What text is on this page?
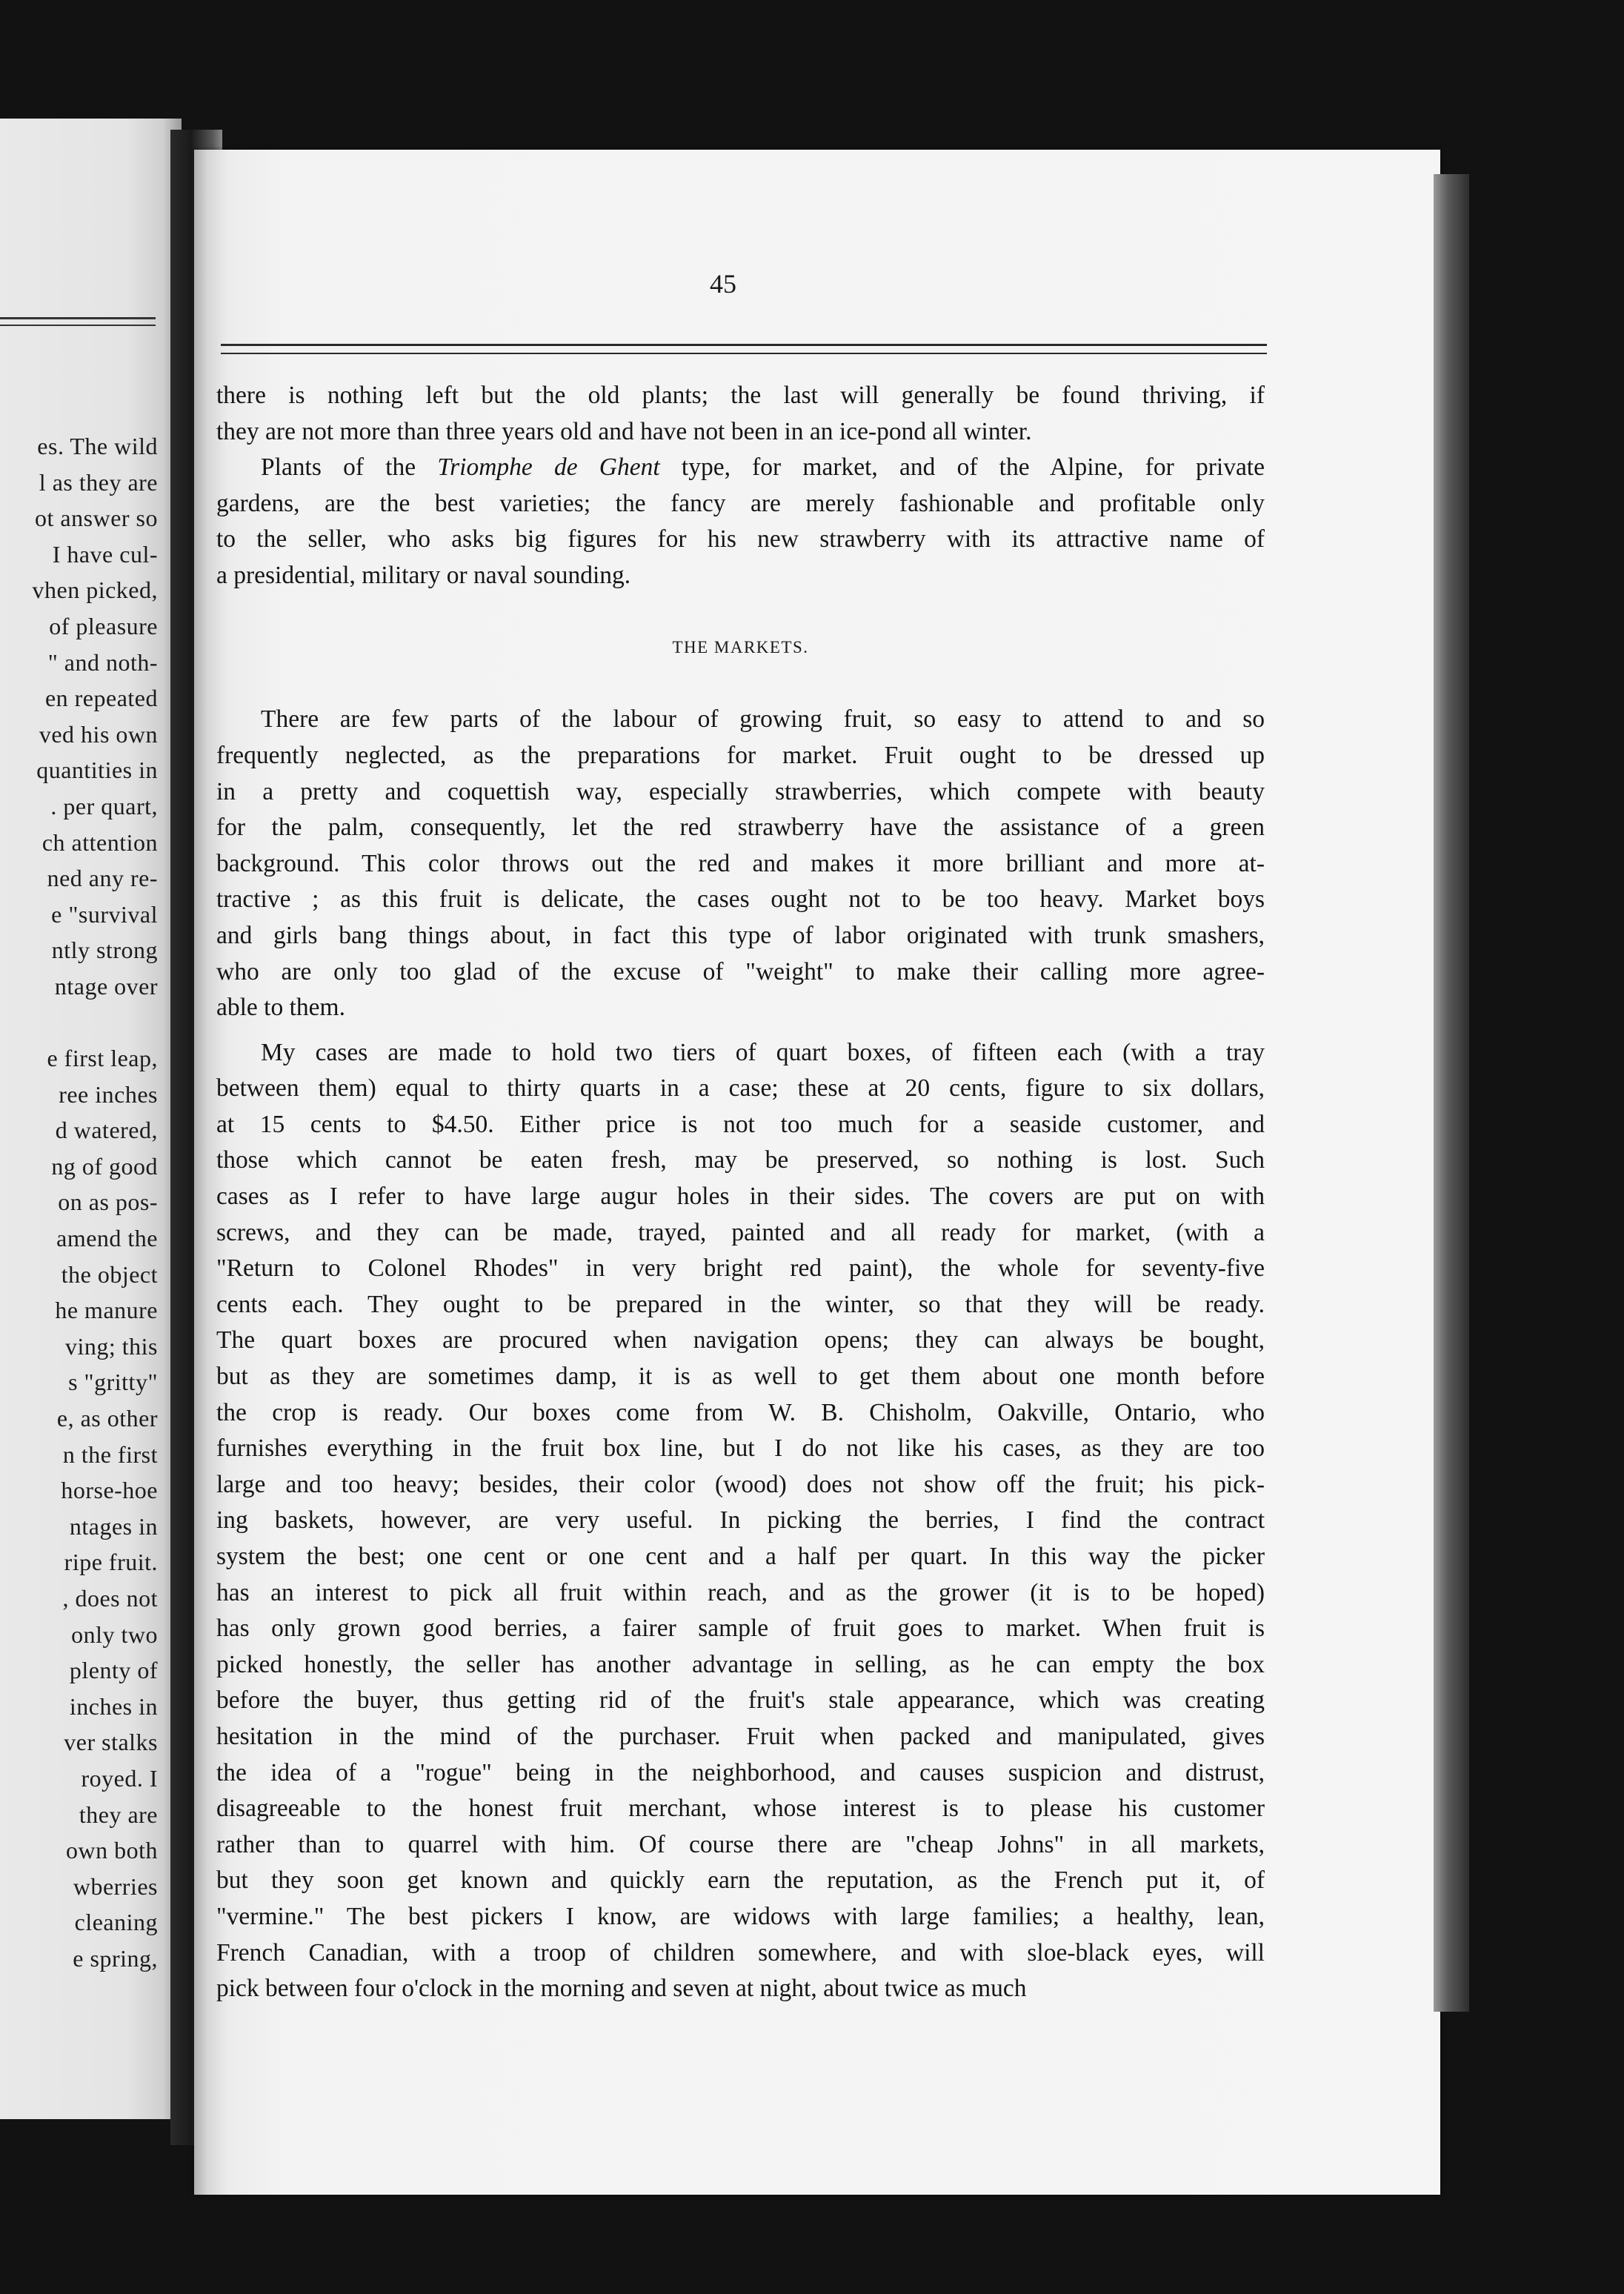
es. The wild
l as they are
ot answer so
I have cul-
vhen picked,
of pleasure
" and noth-
en repeated
ved his own
quantities in
. per quart,
ch attention
ned any re-
e "survival
ntly strong
ntage over

e first leap,
ree inches
d watered,
ng of good
on as pos-
amend the
the object
he manure
ving; this
s "gritty"
e, as other
n the first
horse-hoe
ntages in
ripe fruit.
, does not
only two
plenty of
inches in
ver stalks
royed. I
they are
own both
wberries
cleaning
e spring,
45
there is nothing left but the old plants; the last will generally be found thriving, if
they are not more than three years old and have not been in an ice-pond all winter.
Plants of the Triomphe de Ghent type, for market, and of the Alpine, for private
gardens, are the best varieties; the fancy are merely fashionable and profitable only
to the seller, who asks big figures for his new strawberry with its attractive name of
a presidential, military or naval sounding.
THE MARKETS.
There are few parts of the labour of growing fruit, so easy to attend to and so
frequently neglected, as the preparations for market. Fruit ought to be dressed up
in a pretty and coquettish way, especially strawberries, which compete with beauty
for the palm, consequently, let the red strawberry have the assistance of a green
background. This color throws out the red and makes it more brilliant and more at-
tractive ; as this fruit is delicate, the cases ought not to be too heavy. Market boys
and girls bang things about, in fact this type of labor originated with trunk smashers,
who are only too glad of the excuse of "weight" to make their calling more agree-
able to them.
My cases are made to hold two tiers of quart boxes, of fifteen each (with a tray
between them) equal to thirty quarts in a case; these at 20 cents, figure to six dollars,
at 15 cents to $4.50. Either price is not too much for a seaside customer, and
those which cannot be eaten fresh, may be preserved, so nothing is lost. Such
cases as I refer to have large augur holes in their sides. The covers are put on with
screws, and they can be made, trayed, painted and all ready for market, (with a
"Return to Colonel Rhodes" in very bright red paint), the whole for seventy-five
cents each. They ought to be prepared in the winter, so that they will be ready.
The quart boxes are procured when navigation opens; they can always be bought,
but as they are sometimes damp, it is as well to get them about one month before
the crop is ready. Our boxes come from W. B. Chisholm, Oakville, Ontario, who
furnishes everything in the fruit box line, but I do not like his cases, as they are too
large and too heavy; besides, their color (wood) does not show off the fruit; his pick-
ing baskets, however, are very useful. In picking the berries, I find the contract
system the best; one cent or one cent and a half per quart. In this way the picker
has an interest to pick all fruit within reach, and as the grower (it is to be hoped)
has only grown good berries, a fairer sample of fruit goes to market. When fruit is
picked honestly, the seller has another advantage in selling, as he can empty the box
before the buyer, thus getting rid of the fruit's stale appearance, which was creating
hesitation in the mind of the purchaser. Fruit when packed and manipulated, gives
the idea of a "rogue" being in the neighborhood, and causes suspicion and distrust,
disagreeable to the honest fruit merchant, whose interest is to please his customer
rather than to quarrel with him. Of course there are "cheap Johns" in all markets,
but they soon get known and quickly earn the reputation, as the French put it, of
"vermine." The best pickers I know, are widows with large families; a healthy, lean,
French Canadian, with a troop of children somewhere, and with sloe-black eyes, will
pick between four o'clock in the morning and seven at night, about twice as much
